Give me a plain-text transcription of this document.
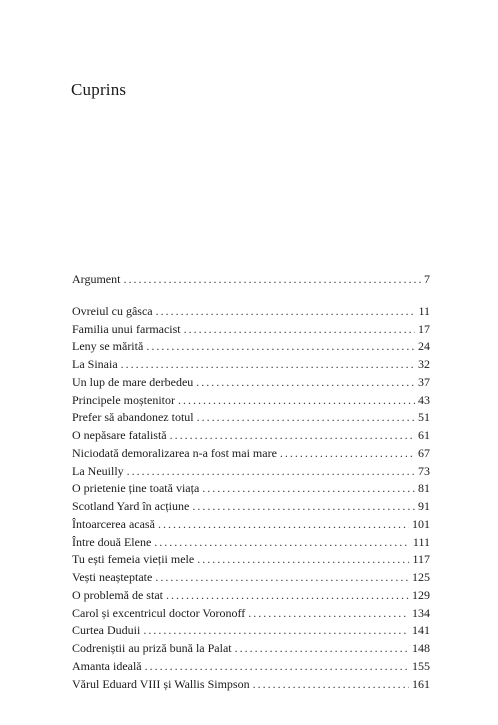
Cuprins
Argument . . .	7
Ovreiul cu gâsca . . .	11
Familia unui farmacist . . .	17
Leny se mărită . . .	24
La Sinaia . . .	32
Un lup de mare derbedeu . . .	37
Principele moștenitor . . .	43
Prefer să abandonez totul . . .	51
O nepăsare fatalistă . . .	61
Niciodată demoralizarea n-a fost mai mare . . .	67
La Neuilly . . .	73
O prietenie ține toată viața . . .	81
Scotland Yard în acțiune . . .	91
Întoarcerea acasă . . .	101
Între două Elene . . .	111
Tu ești femeia vieții mele . . .	117
Vești neașteptate . . .	125
O problemă de stat . . .	129
Carol și excentricul doctor Voronoff . . .	134
Curtea Duduii . . .	141
Codreniștii au priză bună la Palat . . .	148
Amanta ideală . . .	155
Vărul Eduard VIII și Wallis Simpson . . .	161
